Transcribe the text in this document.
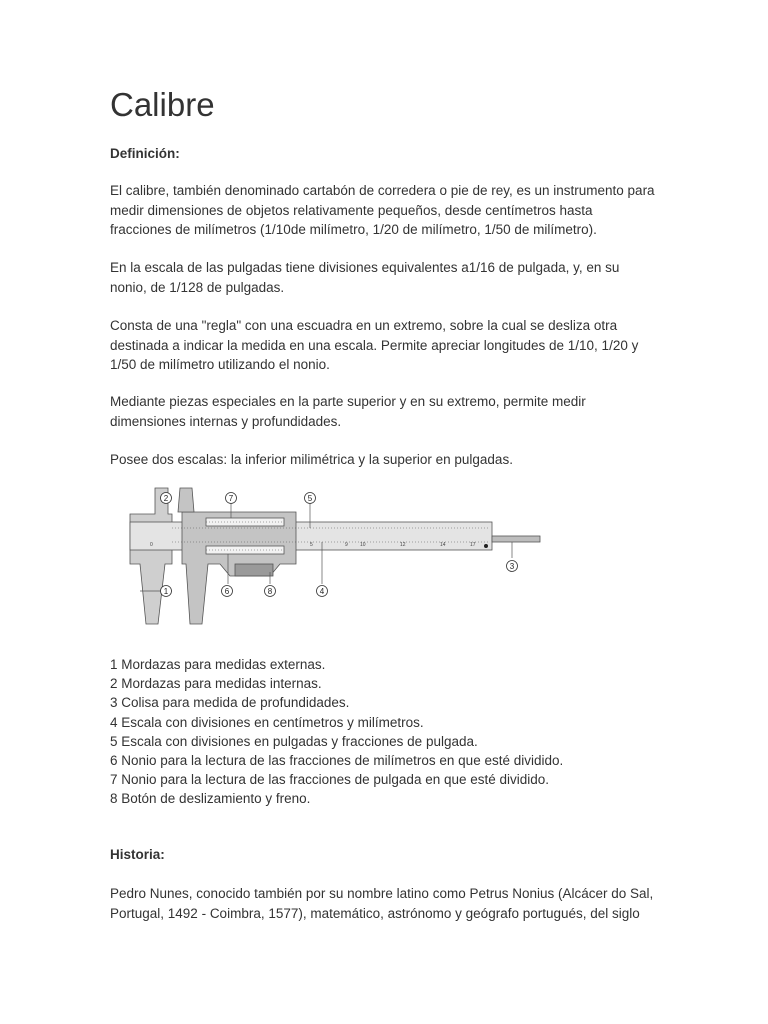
Calibre

Definición:

El calibre, también denominado cartabón de corredera o pie de rey, es un instrumento para
medir dimensiones de objetos relativamente pequeños, desde centímetros hasta
fracciones de milímetros (1/10de milímetro, 1/20 de milímetro, 1/50 de milímetro).

En la escala de las pulgadas tiene divisiones equivalentes a1/16 de pulgada, y, en su
nonio, de 1/128 de pulgadas.

Consta de una "regla" con una escuadra en un extremo, sobre la cual se desliza otra
destinada a indicar la medida en una escala. Permite apreciar longitudes de 1/10, 1/20 y
1/50 de milímetro utilizando el nonio.

Mediante piezas especiales en la parte superior y en su extremo, permite medir
dimensiones internas y profundidades.

Posee dos escalas: la inferior milimétrica y la superior en pulgadas.

0	5	9 10	12	14	17
2	7	5
3
1	6	8	4
1 Mordazas para medidas externas.
2 Mordazas para medidas internas.
3 Colisa para medida de profundidades.
4 Escala con divisiones en centímetros y milímetros.
5 Escala con divisiones en pulgadas y fracciones de pulgada.
6 Nonio para la lectura de las fracciones de milímetros en que esté dividido.
7 Nonio para la lectura de las fracciones de pulgada en que esté dividido.
8 Botón de deslizamiento y freno.

Historia:

Pedro Nunes, conocido también por su nombre latino como Petrus Nonius (Alcácer do Sal,
Portugal, 1492 - Coimbra, 1577), matemático, astrónomo y geógrafo portugués, del siglo
